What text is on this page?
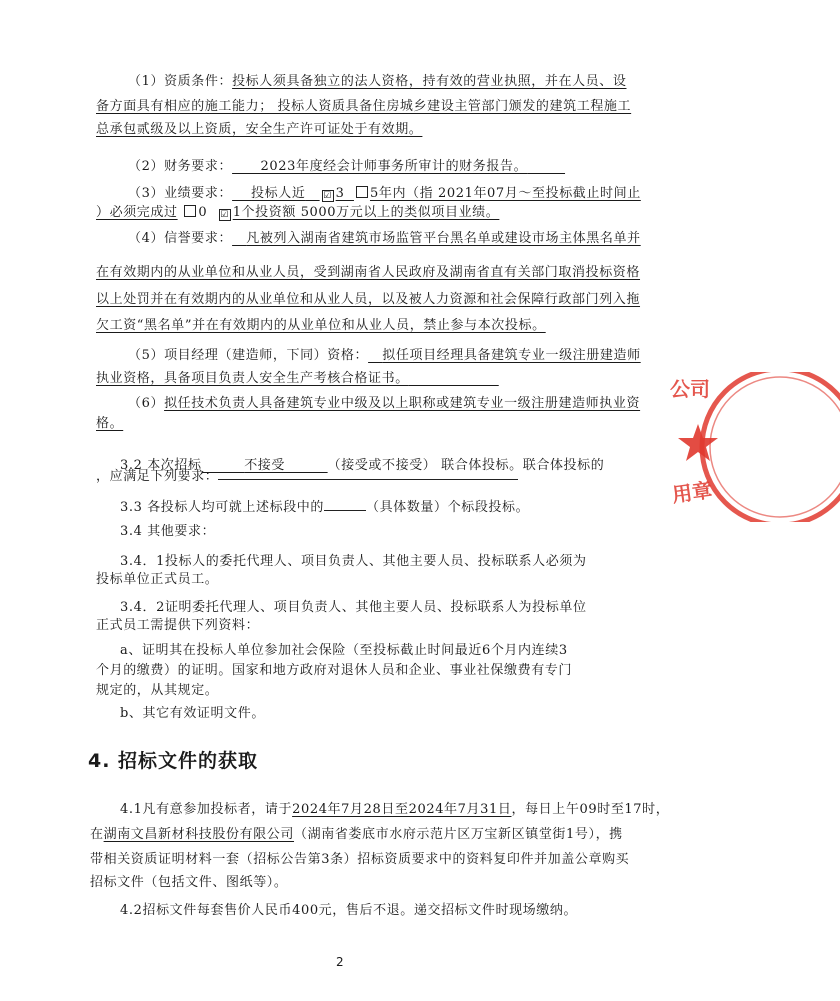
（1）资质条件：投标人须具备独立的法人资格，持有效的营业执照，并在人员、设
备方面具有相应的施工能力； 投标人资质具备住房城乡建设主管部门颁发的建筑工程施工
总承包贰级及以上资质，安全生产许可证处于有效期。
（2）财务要求： 2023年度经会计师事务所审计的财务报告。
（3）业绩要求： 投标人近 ☑ 3 5年内（指 2021年07月～至投标截止时间止
）必须完成过 0 ☑ 1个投资额 5000万元以上的类似项目业绩。
（4）信誉要求： 凡被列入湖南省建筑市场监管平台黑名单或建设市场主体黑名单并
在有效期内的从业单位和从业人员，受到湖南省人民政府及湖南省直有关部门取消投标资格
以上处罚并在有效期内的从业单位和从业人员，以及被人力资源和社会保障行政部门列入拖
欠工资“黑名单”并在有效期内的从业单位和从业人员，禁止参与本次投标。
（5）项目经理（建造师，下同）资格： 拟任项目经理具备建筑专业一级注册建造师
执业资格，具备项目负责人安全生产考核合格证书。
（6）拟任技术负责人具备建筑专业中级及以上职称或建筑专业一级注册建造师执业资
格。
3.2 本次招标	不接受	（接受或不接受） 联合体投标。联合体投标的
，应满足下列要求：
3.3 各投标人均可就上述标段中的	（具体数量）个标段投标。
3.4 其他要求：
3.4．1投标人的委托代理人、项目负责人、其他主要人员、投标联系人必须为
投标单位正式员工。
3.4．2证明委托代理人、项目负责人、其他主要人员、投标联系人为投标单位
正式员工需提供下列资料：
a、证明其在投标人单位参加社会保险（至投标截止时间最近6个月内连续3
个月的缴费）的证明。国家和地方政府对退休人员和企业、事业社保缴费有专门
规定的，从其规定。
b、其它有效证明文件。
4. 招标文件的获取
4.1凡有意参加投标者，请于2024年7月28日至2024年7月31日，每日上午09时至17时，
在湖南文昌新材科技股份有限公司（湖南省娄底市水府示范片区万宝新区镇堂街1号），携
带相关资质证明材料一套（招标公告第3条）招标资质要求中的资料复印件并加盖公章购买
招标文件（包括文件、图纸等）。
4.2招标文件每套售价人民币400元，售后不退。递交招标文件时现场缴纳。
2
公司
用章
